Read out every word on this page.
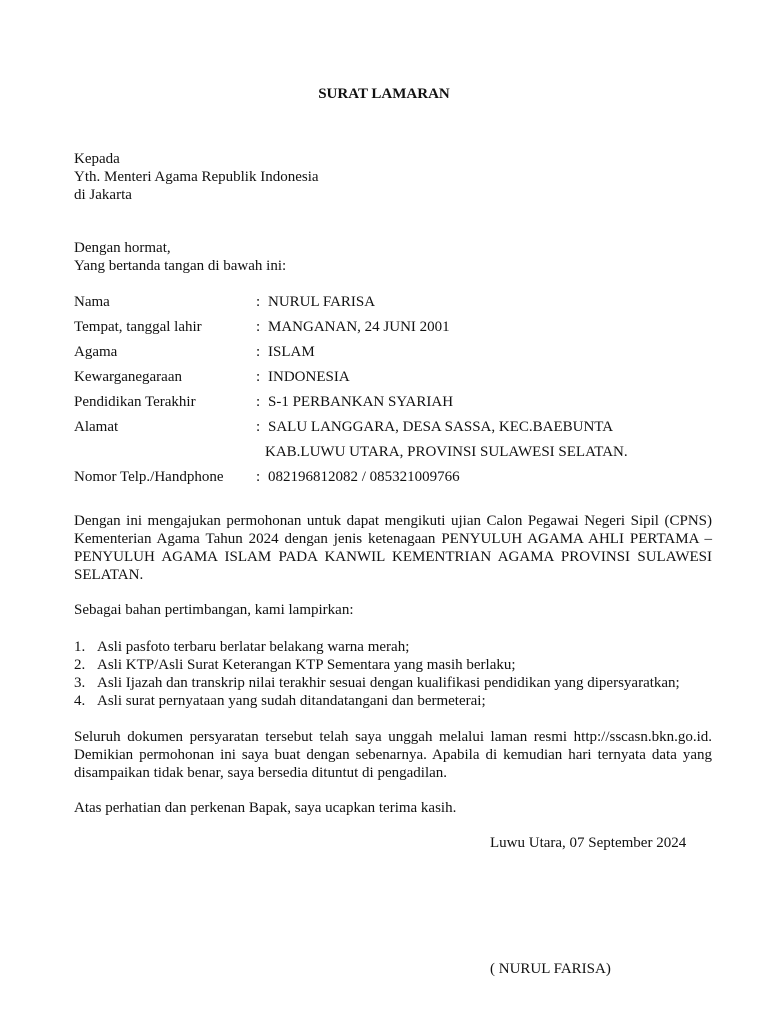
SURAT LAMARAN
Kepada
Yth. Menteri Agama Republik Indonesia
di Jakarta
Dengan hormat,
Yang bertanda tangan di bawah ini:
Nama	: NURUL FARISA
Tempat, tanggal lahir	: MANGANAN, 24 JUNI 2001
Agama	: ISLAM
Kewarganegaraan	: INDONESIA
Pendidikan Terakhir	: S-1 PERBANKAN SYARIAH
Alamat	: SALU LANGGARA, DESA SASSA, KEC.BAEBUNTA
KAB.LUWU UTARA, PROVINSI SULAWESI SELATAN.
Nomor Telp./Handphone : 082196812082 / 085321009766
Dengan ini mengajukan permohonan untuk dapat mengikuti ujian Calon Pegawai Negeri Sipil (CPNS) Kementerian Agama Tahun 2024 dengan jenis ketenagaan PENYULUH AGAMA AHLI PERTAMA – PENYULUH AGAMA ISLAM PADA KANWIL KEMENTRIAN AGAMA PROVINSI SULAWESI SELATAN.
Sebagai bahan pertimbangan, kami lampirkan:
1. Asli pasfoto terbaru berlatar belakang warna merah;
2. Asli KTP/Asli Surat Keterangan KTP Sementara yang masih berlaku;
3. Asli Ijazah dan transkrip nilai terakhir sesuai dengan kualifikasi pendidikan yang dipersyaratkan;
4. Asli surat pernyataan yang sudah ditandatangani dan bermeterai;
Seluruh dokumen persyaratan tersebut telah saya unggah melalui laman resmi http://sscasn.bkn.go.id. Demikian permohonan ini saya buat dengan sebenarnya. Apabila di kemudian hari ternyata data yang disampaikan tidak benar, saya bersedia dituntut di pengadilan.
Atas perhatian dan perkenan Bapak, saya ucapkan terima kasih.
Luwu Utara, 07 September 2024
( NURUL FARISA)
